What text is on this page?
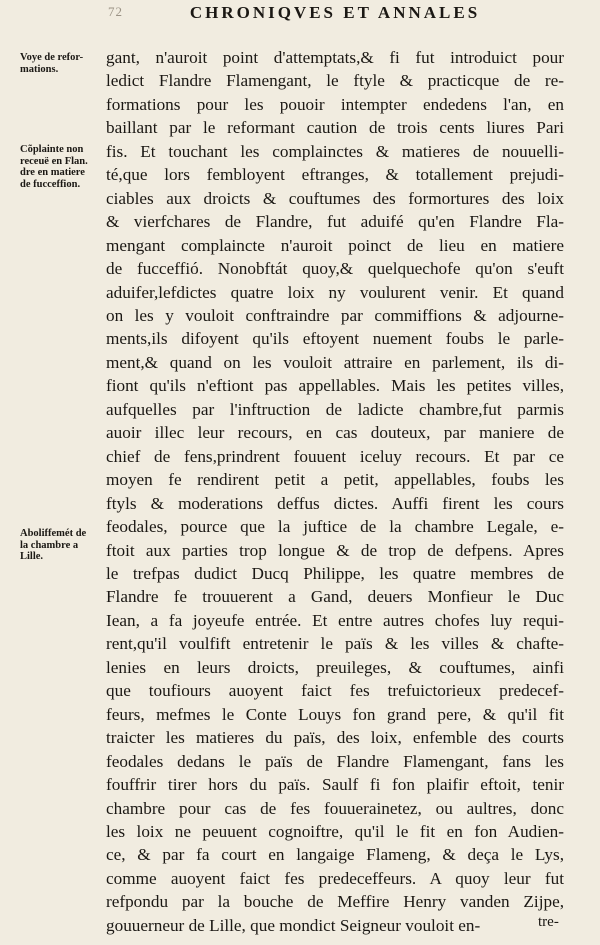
72	CHRONIQVES ET ANNALES
Voye de refor-
mations.
Cõplainte non
receuë en Flan.
dre en matiere
de fucceffion.
Aboliffemét de
la chambre a
Lille.
gant, n'auroit point d'attemptats,& fi fut introduict pour
ledict Flandre Flamengant, le ftyle & practicque de re-
formations pour les pouoir intempter endedens l'an, en
baillant par le reformant caution de trois cents liures Pari
fis. Et touchant les complainctes & matieres de nouuelli-
té,que lors fembloyent eftranges, & totallement prejudi-
ciables aux droicts & couftumes des formortures des loix
& vierfchares de Flandre, fut aduifé qu'en Flandre Fla-
mengant complaincte n'auroit poinct de lieu en matiere
de fucceffió. Nonobftát quoy,& quelquechofe qu'on s'euft
aduifer,lefdictes quatre loix ny voulurent venir. Et quand
on les y vouloit conftraindre par commiffions & adjourne-
ments,ils difoyent qu'ils eftoyent nuement foubs le parle-
ment,& quand on les vouloit attraire en parlement, ils di-
fiont qu'ils n'eftiont pas appellables. Mais les petites villes,
aufquelles par l'inftruction de ladicte chambre,fut parmis
auoir illec leur recours, en cas douteux, par maniere de
chief de fens,prindrent fouuent iceluy recours. Et par ce
moyen fe rendirent petit a petit, appellables, foubs les
ftyls & moderations deffus dictes. Auffi firent les cours
feodales, pource que la juftice de la chambre Legale, e-
ftoit aux parties trop longue & de trop de defpens. Apres
le trefpas dudict Ducq Philippe, les quatre membres de
Flandre fe trouuerent a Gand, deuers Monfieur le Duc
Iean, a fa joyeufe entrée. Et entre autres chofes luy requi-
rent,qu'il voulfift entretenir le païs & les villes & chafte-
lenies en leurs droicts, preuileges, & couftumes, ainfi
que toufiours auoyent faict fes trefuictorieux predecef-
feurs, mefmes le Conte Louys fon grand pere, & qu'il fit
traicter les matieres du païs, des loix, enfemble des courts
feodales dedans le païs de Flandre Flamengant, fans les
fouffrir tirer hors du païs. Saulf fi fon plaifir eftoit, tenir
chambre pour cas de fes fouuerainetez, ou aultres, donc
les loix ne peuuent cognoiftre, qu'il le fit en fon Audien-
ce, & par fa court en langaige Flameng, & deça le Lys,
comme auoyent faict fes predeceffeurs. A quoy leur fut
refpondu par la bouche de Meffire Henry vanden Zijpe,
gouuerneur de Lille, que mondict Seigneur vouloit en-	tre-
